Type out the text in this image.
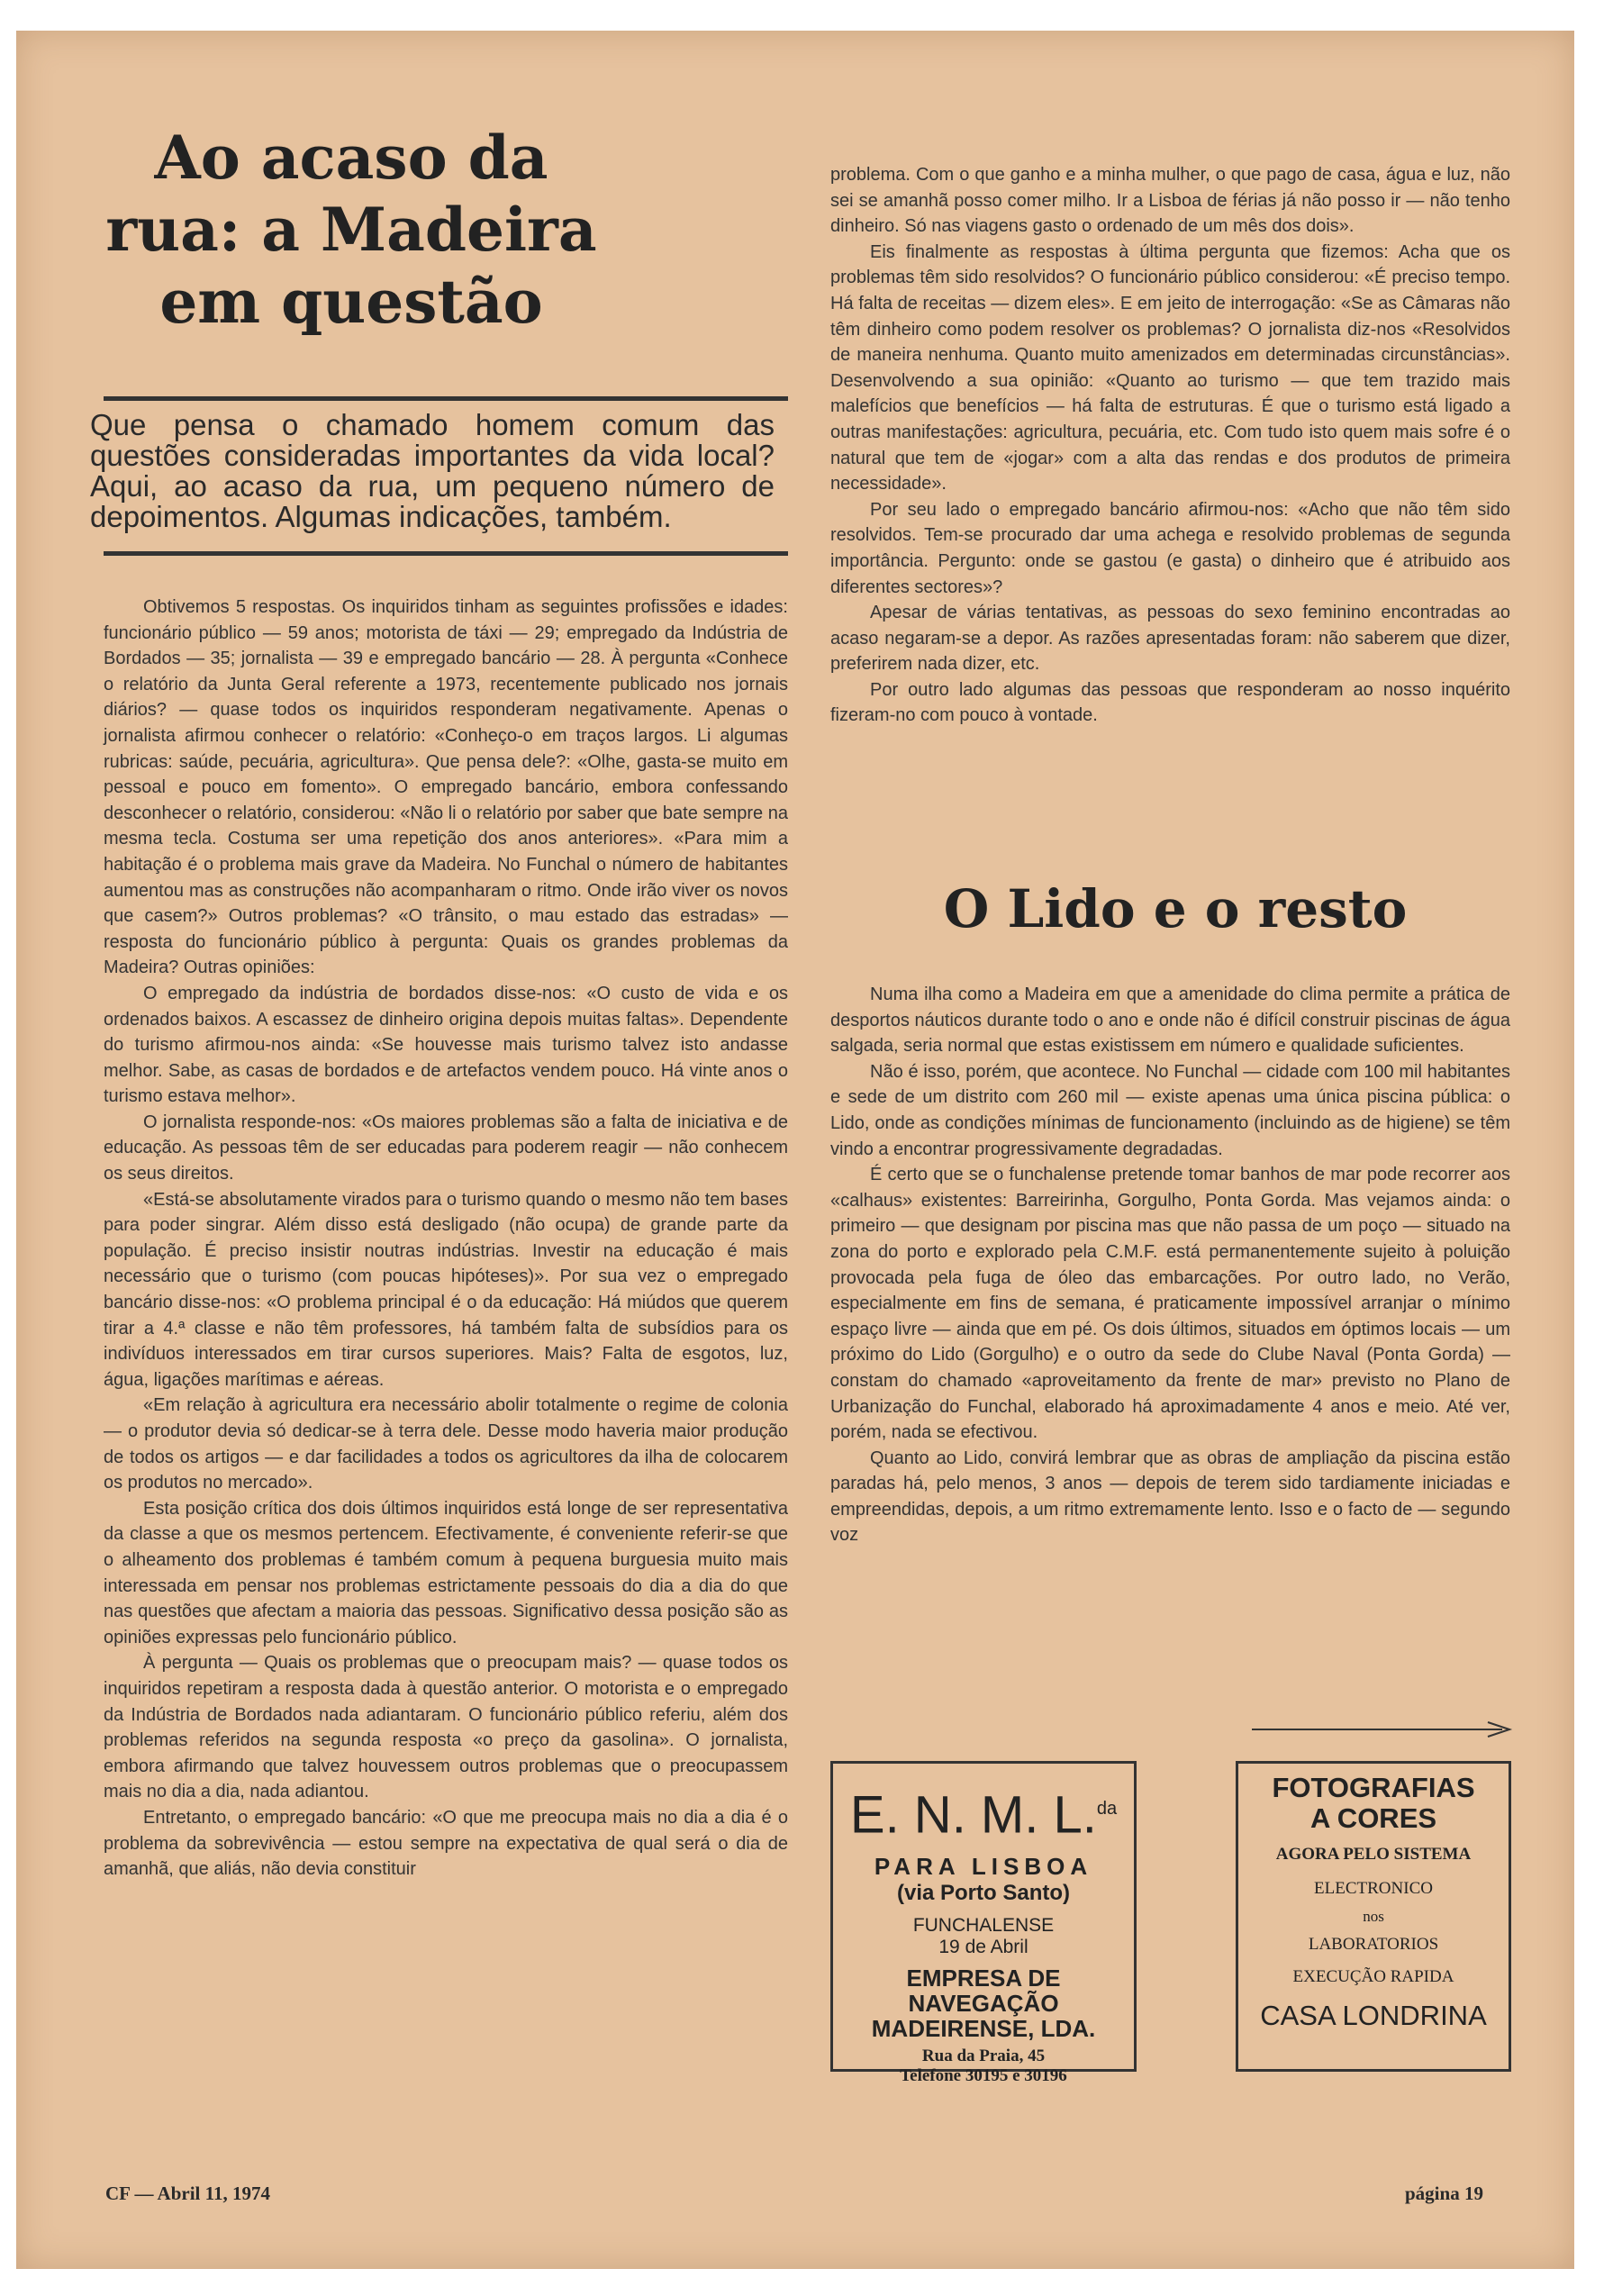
Ao acaso da rua: a Madeira em questão
Que pensa o chamado homem comum das questões consideradas importantes da vida local? Aqui, ao acaso da rua, um pequeno número de depoimentos. Algumas indicações, também.

Obtivemos 5 respostas. Os inquiridos tinham as seguintes profissões e idades: funcionário público — 59 anos; motorista de táxi — 29; empregado da Indústria de Bordados — 35; jornalista — 39 e empregado bancário — 28. À pergunta «Conhece o relatório da Junta Geral referente a 1973, recentemente publicado nos jornais diários? — quase todos os inquiridos responderam negativamente. Apenas o jornalista afirmou conhecer o relatório: «Conheço-o em traços largos. Li algumas rubricas: saúde, pecuária, agricultura». Que pensa dele?: «Olhe, gasta-se muito em pessoal e pouco em fomento». O empregado bancário, embora confessando desconhecer o relatório, considerou: «Não li o relatório por saber que bate sempre na mesma tecla. Costuma ser uma repetição dos anos anteriores». «Para mim a habitação é o problema mais grave da Madeira. No Funchal o número de habitantes aumentou mas as construções não acompanharam o ritmo. Onde irão viver os novos que casem?» Outros problemas? «O trânsito, o mau estado das estradas» — resposta do funcionário público à pergunta: Quais os grandes problemas da Madeira? Outras opiniões:

O empregado da indústria de bordados disse-nos: «O custo de vida e os ordenados baixos. A escassez de dinheiro origina depois muitas faltas». Dependente do turismo afirmou-nos ainda: «Se houvesse mais turismo talvez isto andasse melhor. Sabe, as casas de bordados e de artefactos vendem pouco. Há vinte anos o turismo estava melhor».

O jornalista responde-nos: «Os maiores problemas são a falta de iniciativa e de educação. As pessoas têm de ser educadas para poderem reagir — não conhecem os seus direitos.

«Está-se absolutamente virados para o turismo quando o mesmo não tem bases para poder singrar. Além disso está desligado (não ocupa) de grande parte da população. É preciso insistir noutras indústrias. Investir na educação é mais necessário que o turismo (com poucas hipóteses)». Por sua vez o empregado bancário disse-nos: «O problema principal é o da educação: Há miúdos que querem tirar a 4.ª classe e não têm professores, há também falta de subsídios para os indivíduos interessados em tirar cursos superiores. Mais? Falta de esgotos, luz, água, ligações marítimas e aéreas.

«Em relação à agricultura era necessário abolir totalmente o regime de colonia — o produtor devia só dedicar-se à terra dele. Desse modo haveria maior produção de todos os artigos — e dar facilidades a todos os agricultores da ilha de colocarem os produtos no mercado».

Esta posição crítica dos dois últimos inquiridos está longe de ser representativa da classe a que os mesmos pertencem. Efectivamente, é conveniente referir-se que o alheamento dos problemas é também comum à pequena burguesia muito mais interessada em pensar nos problemas estrictamente pessoais do dia a dia do que nas questões que afectam a maioria das pessoas. Significativo dessa posição são as opiniões expressas pelo funcionário público.

À pergunta — Quais os problemas que o preocupam mais? — quase todos os inquiridos repetiram a resposta dada à questão anterior. O motorista e o empregado da Indústria de Bordados nada adiantaram. O funcionário público referiu, além dos problemas referidos na segunda resposta «o preço da gasolina». O jornalista, embora afirmando que talvez houvessem outros problemas que o preocupassem mais no dia a dia, nada adiantou.

Entretanto, o empregado bancário: «O que me preocupa mais no dia a dia é o problema da sobrevivência — estou sempre na expectativa de qual será o dia de amanhã, que aliás, não devia constituir

problema. Com o que ganho e a minha mulher, o que pago de casa, água e luz, não sei se amanhã posso comer milho. Ir a Lisboa de férias já não posso ir — não tenho dinheiro. Só nas viagens gasto o ordenado de um mês dos dois».

Eis finalmente as respostas à última pergunta que fizemos: Acha que os problemas têm sido resolvidos? O funcionário público considerou: «É preciso tempo. Há falta de receitas — dizem eles». E em jeito de interrogação: «Se as Câmaras não têm dinheiro como podem resolver os problemas? O jornalista diz-nos «Resolvidos de maneira nenhuma. Quanto muito amenizados em determinadas circunstâncias». Desenvolvendo a sua opinião: «Quanto ao turismo — que tem trazido mais malefícios que benefícios — há falta de estruturas. É que o turismo está ligado a outras manifestações: agricultura, pecuária, etc. Com tudo isto quem mais sofre é o natural que tem de «jogar» com a alta das rendas e dos produtos de primeira necessidade».

Por seu lado o empregado bancário afirmou-nos: «Acho que não têm sido resolvidos. Tem-se procurado dar uma achega e resolvido problemas de segunda importância. Pergunto: onde se gastou (e gasta) o dinheiro que é atribuido aos diferentes sectores»?

Apesar de várias tentativas, as pessoas do sexo feminino encontradas ao acaso negaram-se a depor. As razões apresentadas foram: não saberem que dizer, preferirem nada dizer, etc.

Por outro lado algumas das pessoas que responderam ao nosso inquérito fizeram-no com pouco à vontade.

O Lido e o resto

Numa ilha como a Madeira em que a amenidade do clima permite a prática de desportos náuticos durante todo o ano e onde não é difícil construir piscinas de água salgada, seria normal que estas existissem em número e qualidade suficientes.

Não é isso, porém, que acontece. No Funchal — cidade com 100 mil habitantes e sede de um distrito com 260 mil — existe apenas uma única piscina pública: o Lido, onde as condições mínimas de funcionamento (incluindo as de higiene) se têm vindo a encontrar progressivamente degradadas.

É certo que se o funchalense pretende tomar banhos de mar pode recorrer aos «calhaus» existentes: Barreirinha, Gorgulho, Ponta Gorda. Mas vejamos ainda: o primeiro — que designam por piscina mas que não passa de um poço — situado na zona do porto e explorado pela C.M.F. está permanentemente sujeito à poluição provocada pela fuga de óleo das embarcações. Por outro lado, no Verão, especialmente em fins de semana, é praticamente impossível arranjar o mínimo espaço livre — ainda que em pé. Os dois últimos, situados em óptimos locais — um próximo do Lido (Gorgulho) e o outro da sede do Clube Naval (Ponta Gorda) — constam do chamado «aproveitamento da frente de mar» previsto no Plano de Urbanização do Funchal, elaborado há aproximadamente 4 anos e meio. Até ver, porém, nada se efectivou.

Quanto ao Lido, convirá lembrar que as obras de ampliação da piscina estão paradas há, pelo menos, 3 anos — depois de terem sido tardiamente iniciadas e empreendidas, depois, a um ritmo extremamente lento. Isso e o facto de — segundo voz

E. N. M. L.$^{da}$
PARA LISBOA
(via Porto Santo)
FUNCHALENSE
19 de Abril
EMPRESA DE NAVEGAÇÃO MADEIRENSE, LDA.
Rua da Praia, 45
Telefone 30195 e 30196
FOTOGRAFIAS A CORES
AGORA PELO SISTEMA
ELECTRONICO
nos
LABORATORIOS
EXECUÇÃO RAPIDA
CASA LONDRINA
CF — Abril 11, 1974	página 19
